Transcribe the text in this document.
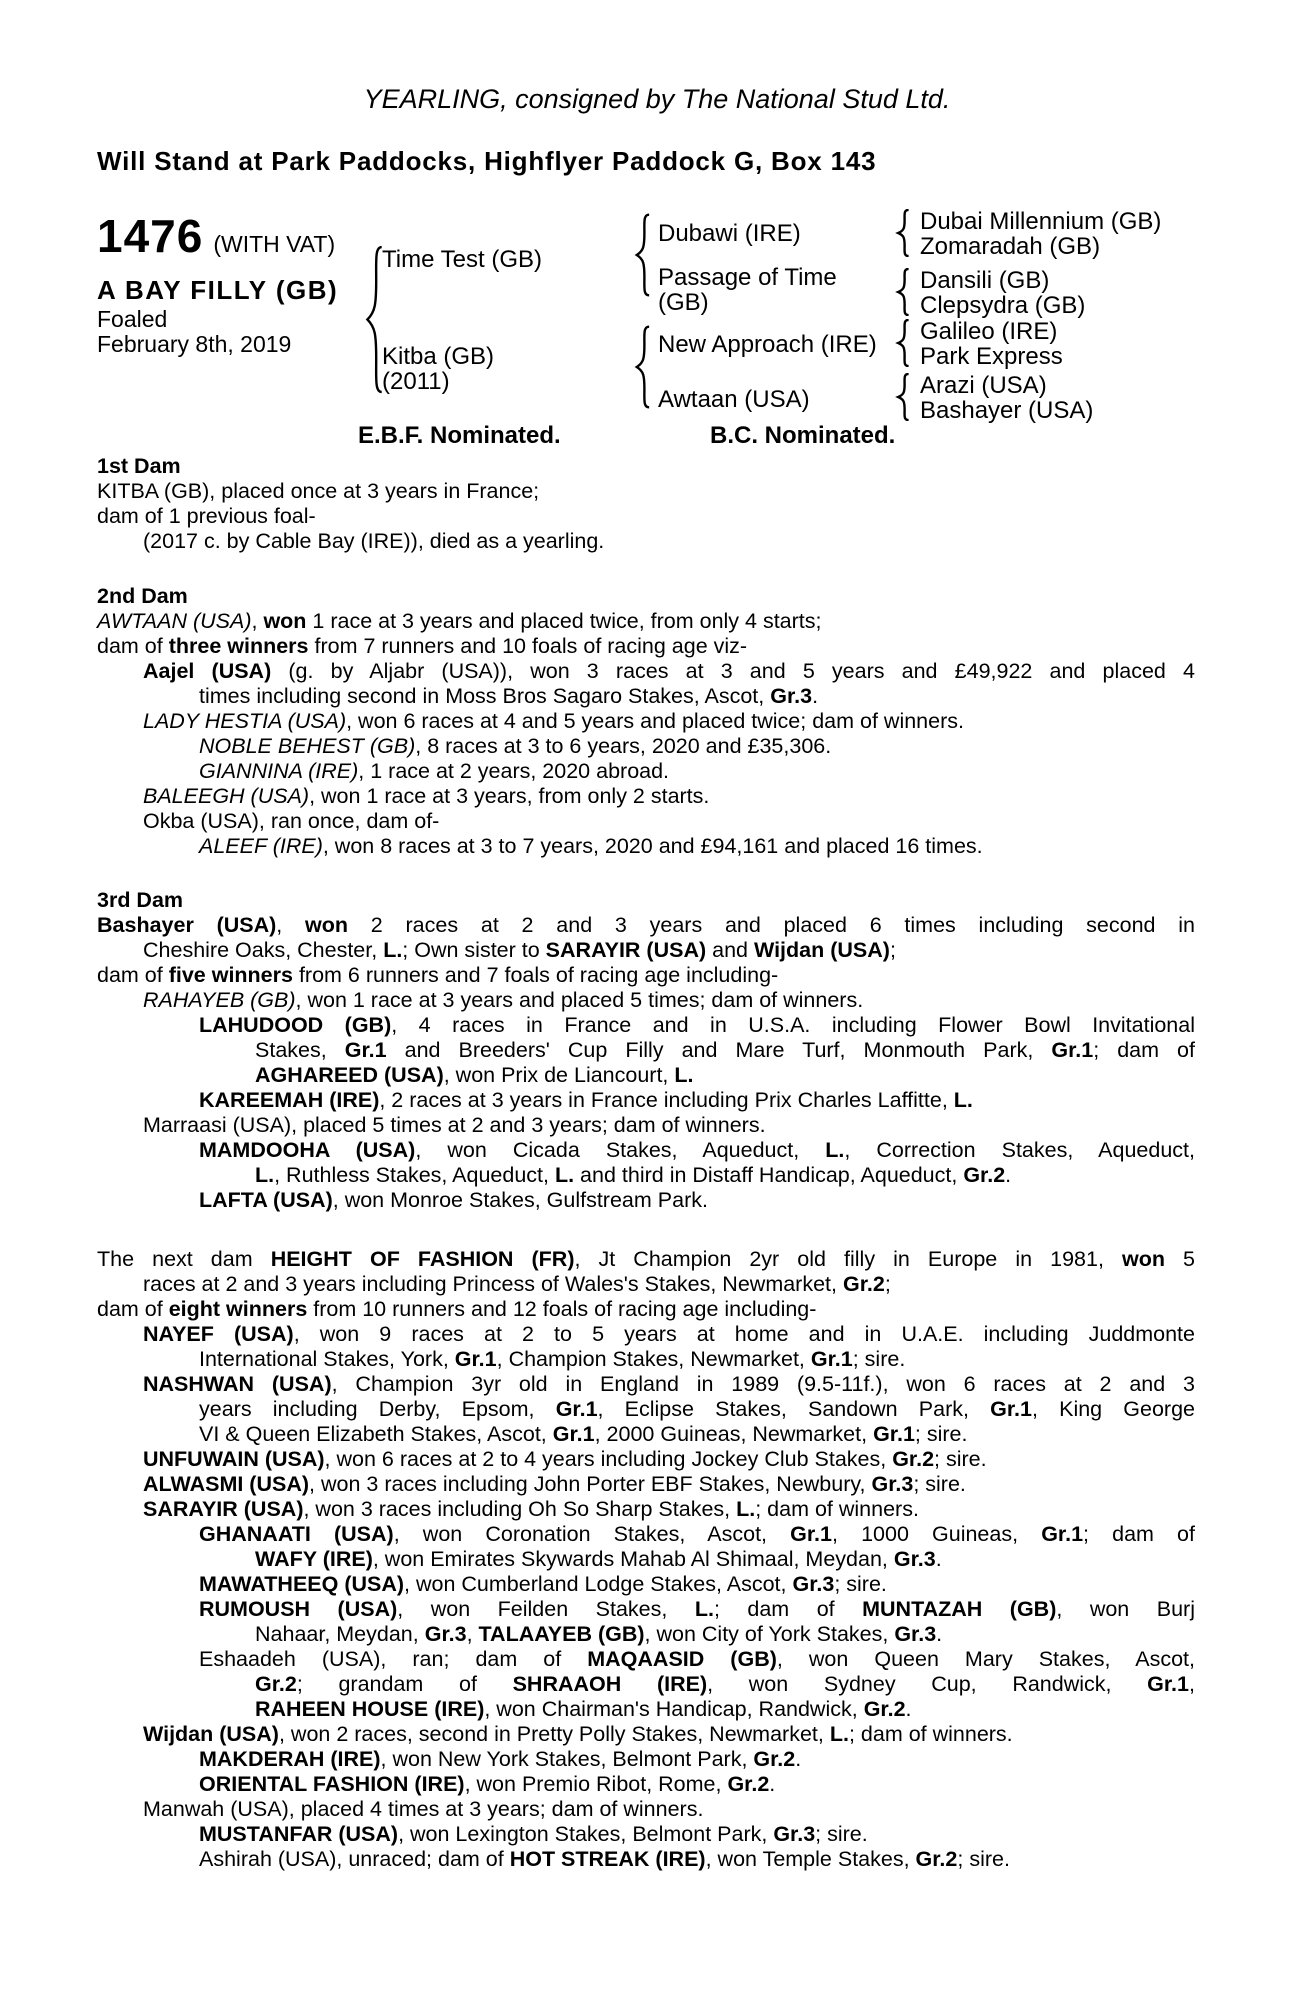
YEARLING, consigned by The National Stud Ltd.
Will Stand at Park Paddocks, Highflyer Paddock G, Box 143
1476 (WITH VAT)
A BAY FILLY (GB)
Foaled
February 8th, 2019
Time Test (GB)
Kitba (GB)
(2011)
Dubawi (IRE)
Passage of Time (GB)
New Approach (IRE)
Awtaan (USA)
Dubai Millennium (GB)
Zomaradah (GB)
Dansili (GB)
Clepsydra (GB)
Galileo (IRE)
Park Express
Arazi (USA)
Bashayer (USA)
E.B.F. Nominated.	B.C. Nominated.
1st Dam
KITBA (GB), placed once at 3 years in France;
dam of 1 previous foal-
(2017 c. by Cable Bay (IRE)), died as a yearling.
2nd Dam
AWTAAN (USA), won 1 race at 3 years and placed twice, from only 4 starts;
dam of three winners from 7 runners and 10 foals of racing age viz-
Aajel (USA) (g. by Aljabr (USA)), won 3 races at 3 and 5 years and £49,922 and placed 4
times including second in Moss Bros Sagaro Stakes, Ascot, Gr.3.
LADY HESTIA (USA), won 6 races at 4 and 5 years and placed twice; dam of winners.
NOBLE BEHEST (GB), 8 races at 3 to 6 years, 2020 and £35,306.
GIANNINA (IRE), 1 race at 2 years, 2020 abroad.
BALEEGH (USA), won 1 race at 3 years, from only 2 starts.
Okba (USA), ran once, dam of-
ALEEF (IRE), won 8 races at 3 to 7 years, 2020 and £94,161 and placed 16 times.
3rd Dam
Bashayer (USA), won 2 races at 2 and 3 years and placed 6 times including second in
Cheshire Oaks, Chester, L.; Own sister to SARAYIR (USA) and Wijdan (USA);
dam of five winners from 6 runners and 7 foals of racing age including-
RAHAYEB (GB), won 1 race at 3 years and placed 5 times; dam of winners.
LAHUDOOD (GB), 4 races in France and in U.S.A. including Flower Bowl Invitational
Stakes, Gr.1 and Breeders' Cup Filly and Mare Turf, Monmouth Park, Gr.1; dam of
AGHAREED (USA), won Prix de Liancourt, L.
KAREEMAH (IRE), 2 races at 3 years in France including Prix Charles Laffitte, L.
Marraasi (USA), placed 5 times at 2 and 3 years; dam of winners.
MAMDOOHA (USA), won Cicada Stakes, Aqueduct, L., Correction Stakes, Aqueduct,
L., Ruthless Stakes, Aqueduct, L. and third in Distaff Handicap, Aqueduct, Gr.2.
LAFTA (USA), won Monroe Stakes, Gulfstream Park.
The next dam HEIGHT OF FASHION (FR), Jt Champion 2yr old filly in Europe in 1981, won 5
races at 2 and 3 years including Princess of Wales's Stakes, Newmarket, Gr.2;
dam of eight winners from 10 runners and 12 foals of racing age including-
NAYEF (USA), won 9 races at 2 to 5 years at home and in U.A.E. including Juddmonte
International Stakes, York, Gr.1, Champion Stakes, Newmarket, Gr.1; sire.
NASHWAN (USA), Champion 3yr old in England in 1989 (9.5-11f.), won 6 races at 2 and 3
years including Derby, Epsom, Gr.1, Eclipse Stakes, Sandown Park, Gr.1, King George
VI & Queen Elizabeth Stakes, Ascot, Gr.1, 2000 Guineas, Newmarket, Gr.1; sire.
UNFUWAIN (USA), won 6 races at 2 to 4 years including Jockey Club Stakes, Gr.2; sire.
ALWASMI (USA), won 3 races including John Porter EBF Stakes, Newbury, Gr.3; sire.
SARAYIR (USA), won 3 races including Oh So Sharp Stakes, L.; dam of winners.
GHANAATI (USA), won Coronation Stakes, Ascot, Gr.1, 1000 Guineas, Gr.1; dam of
WAFY (IRE), won Emirates Skywards Mahab Al Shimaal, Meydan, Gr.3.
MAWATHEEQ (USA), won Cumberland Lodge Stakes, Ascot, Gr.3; sire.
RUMOUSH (USA), won Feilden Stakes, L.; dam of MUNTAZAH (GB), won Burj
Nahaar, Meydan, Gr.3, TALAAYEB (GB), won City of York Stakes, Gr.3.
Eshaadeh (USA), ran; dam of MAQAASID (GB), won Queen Mary Stakes, Ascot,
Gr.2; grandam of SHRAAOH (IRE), won Sydney Cup, Randwick, Gr.1,
RAHEEN HOUSE (IRE), won Chairman's Handicap, Randwick, Gr.2.
Wijdan (USA), won 2 races, second in Pretty Polly Stakes, Newmarket, L.; dam of winners.
MAKDERAH (IRE), won New York Stakes, Belmont Park, Gr.2.
ORIENTAL FASHION (IRE), won Premio Ribot, Rome, Gr.2.
Manwah (USA), placed 4 times at 3 years; dam of winners.
MUSTANFAR (USA), won Lexington Stakes, Belmont Park, Gr.3; sire.
Ashirah (USA), unraced; dam of HOT STREAK (IRE), won Temple Stakes, Gr.2; sire.
